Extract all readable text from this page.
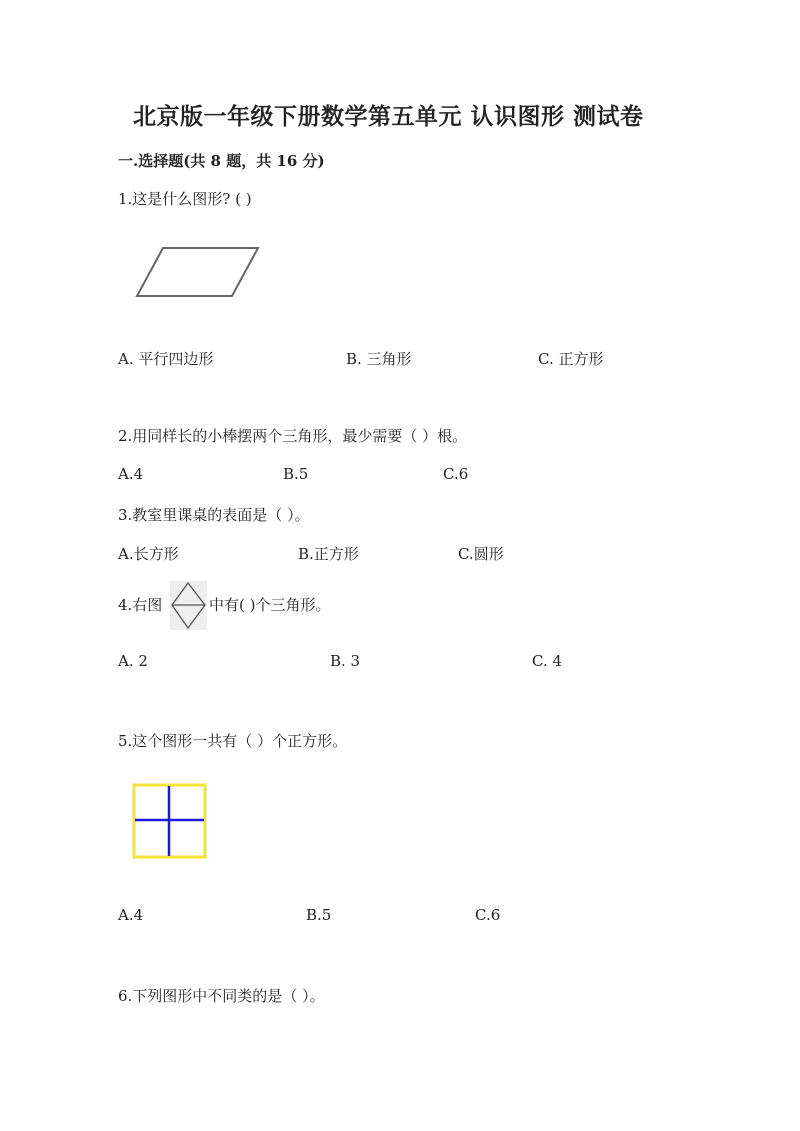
北京版一年级下册数学第五单元 认识图形 测试卷
一.选择题(共 8 题，共 16 分)
1.这是什么图形? ( )
A. 平行四边形	B. 三角形	C. 正方形
2.用同样长的小棒摆两个三角形，最少需要（ ）根。
A.4	B.5	C.6
3.教室里课桌的表面是（ ）。
A.长方形	B.正方形	C.圆形
4.右图	中有( )个三角形。
A. 2	B. 3	C. 4
5.这个图形一共有（ ）个正方形。
A.4	B.5	C.6
6.下列图形中不同类的是（ ）。
